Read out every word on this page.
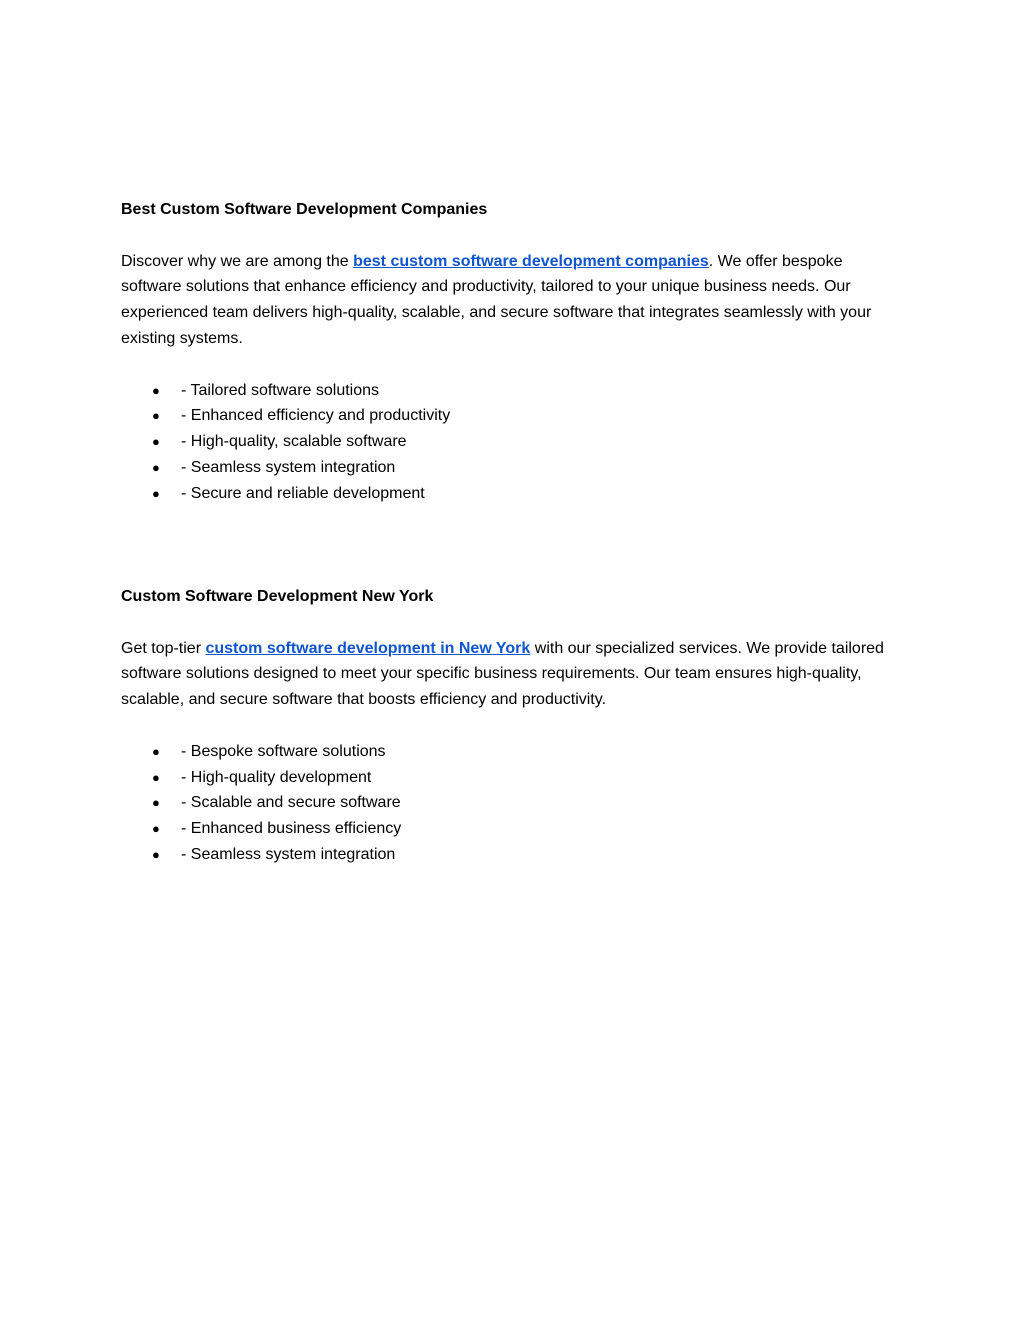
Best Custom Software Development Companies

Discover why we are among the best custom software development companies. We offer bespoke software solutions that enhance efficiency and productivity, tailored to your unique business needs. Our experienced team delivers high-quality, scalable, and secure software that integrates seamlessly with your existing systems.

● - Tailored software solutions
● - Enhanced efficiency and productivity
● - High-quality, scalable software
● - Seamless system integration
● - Secure and reliable development

Custom Software Development New York

Get top-tier custom software development in New York with our specialized services. We provide tailored software solutions designed to meet your specific business requirements. Our team ensures high-quality, scalable, and secure software that boosts efficiency and productivity.

● - Bespoke software solutions
● - High-quality development
● - Scalable and secure software
● - Enhanced business efficiency
● - Seamless system integration
